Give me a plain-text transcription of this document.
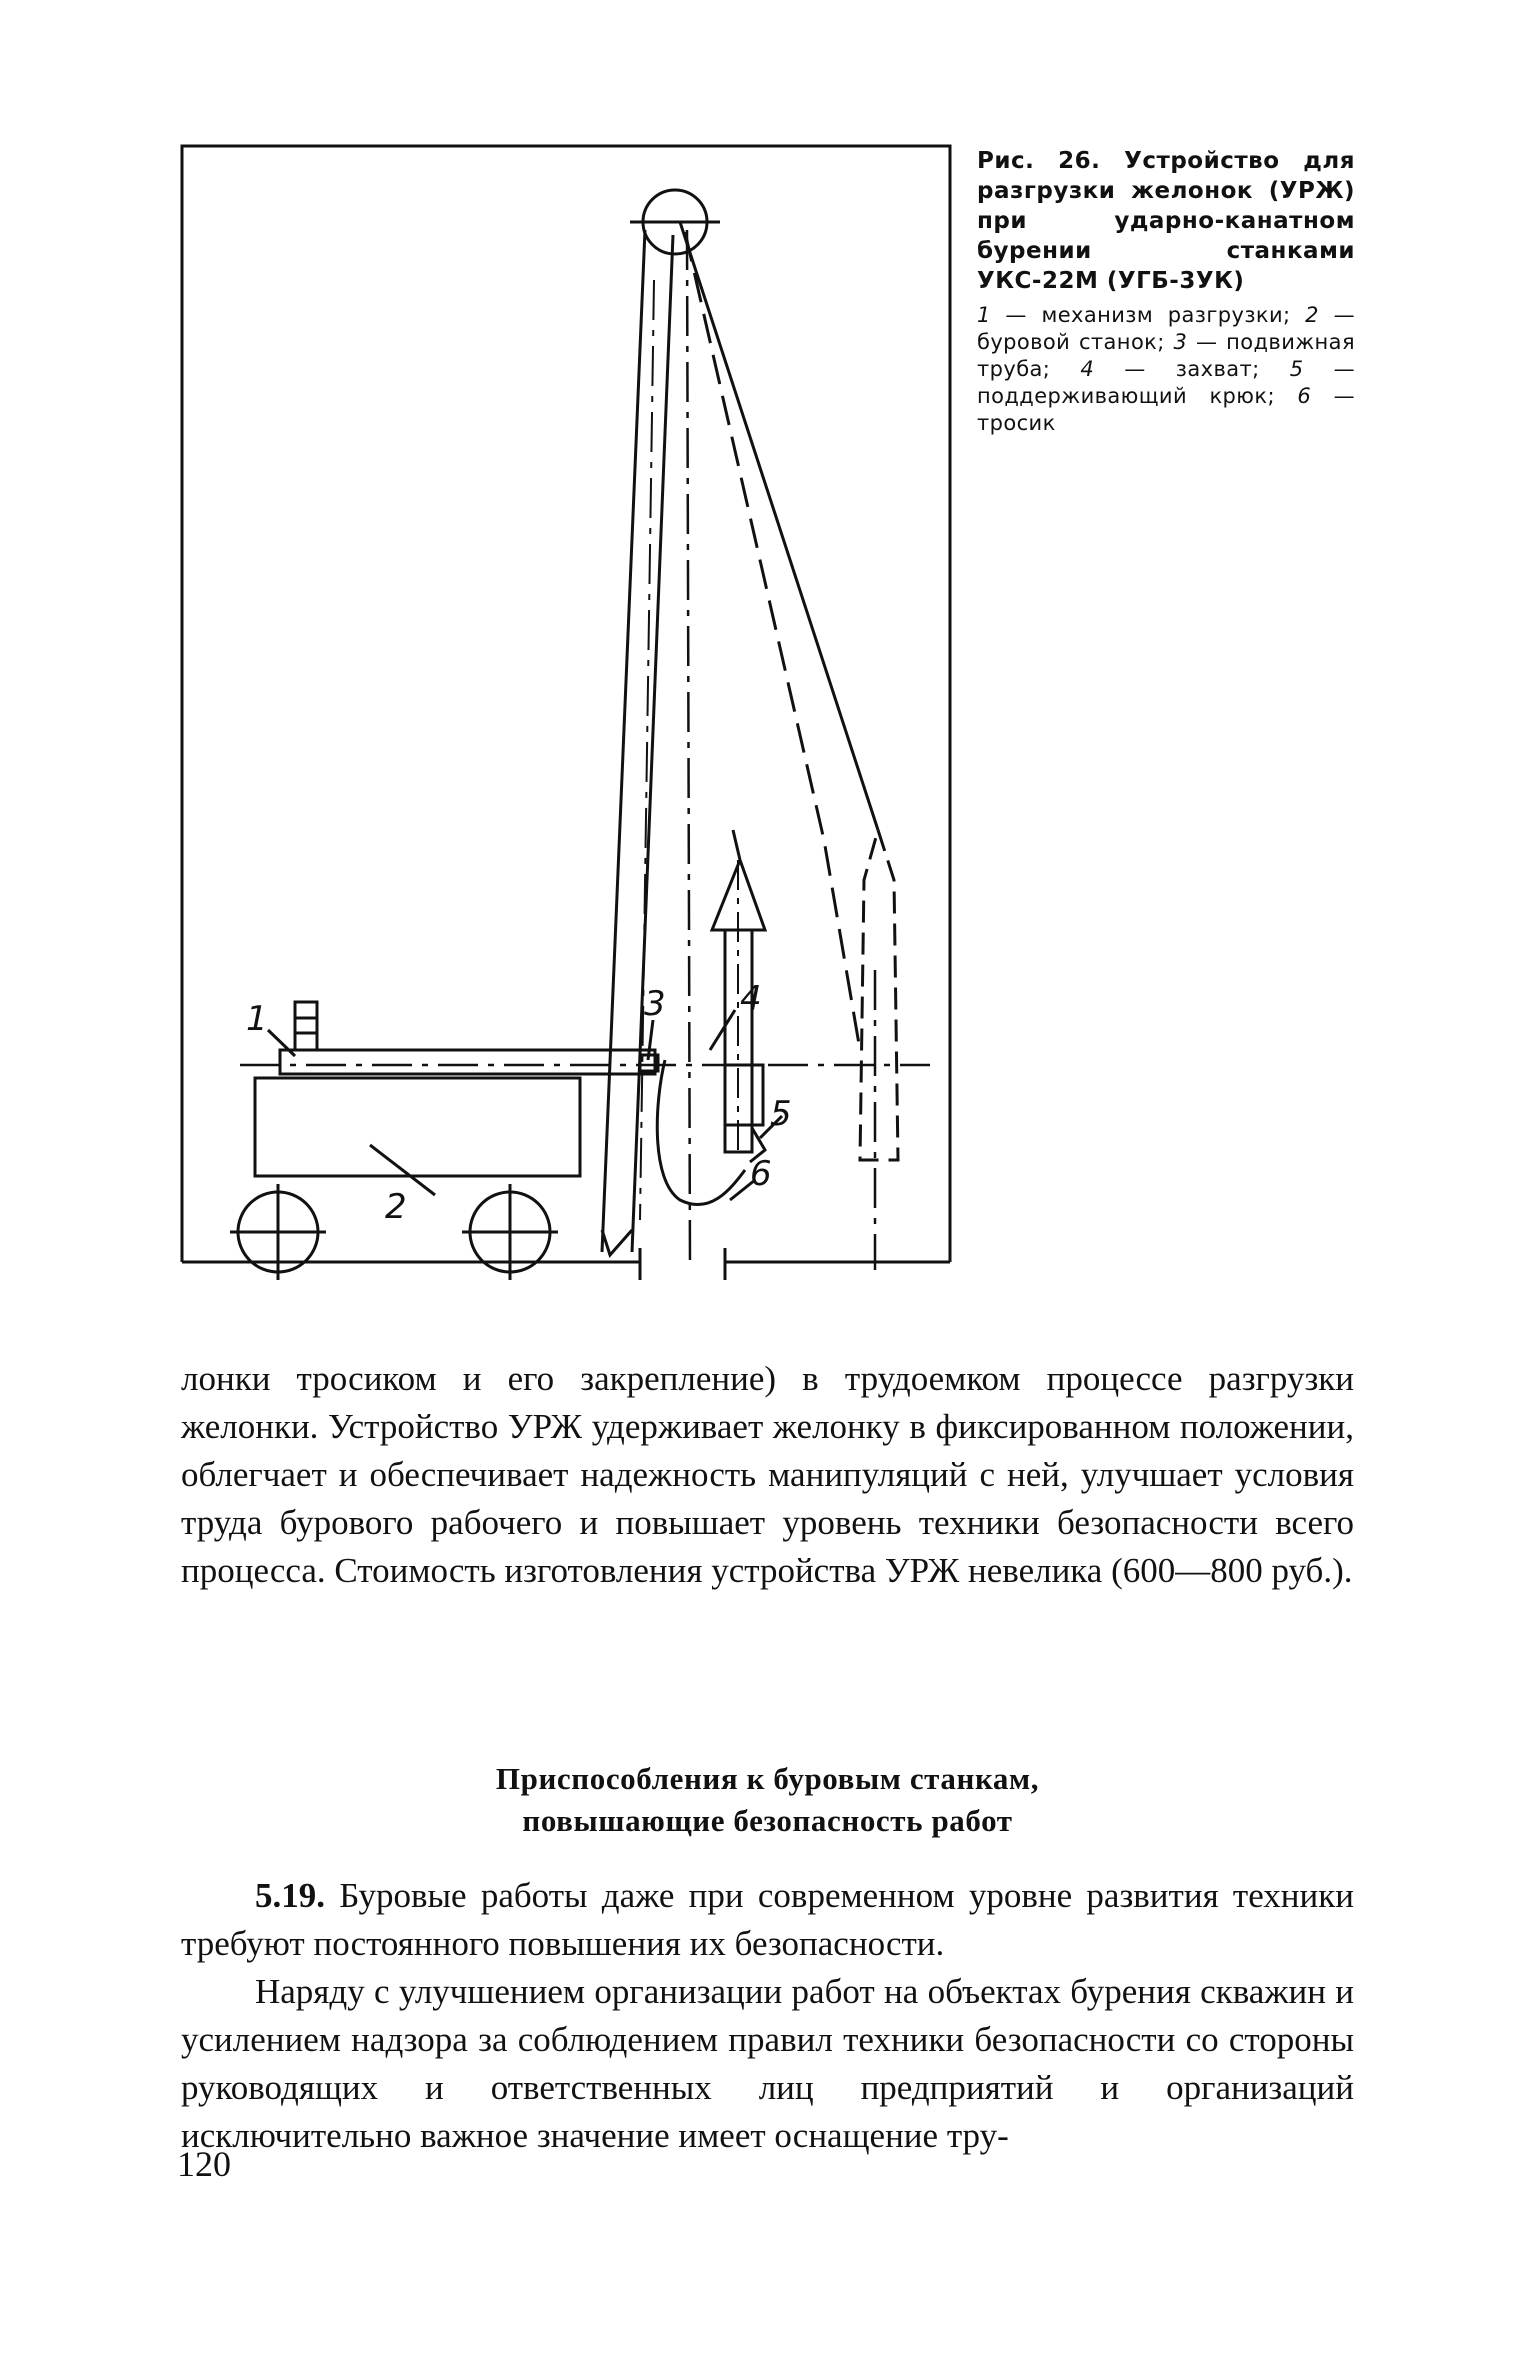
1
2
3 4
5
6
Рис. 26. Устройство для разгрузки желонок (УРЖ) при ударно-канатном бурении станками УКС-22М (УГБ-3УК)
1 — механизм разгрузки; 2 — буровой станок; 3 — подвижная труба; 4 — захват; 5 — поддерживающий крюк; 6 — тросик

лонки тросиком и его закрепление) в трудоемком процессе разгрузки желонки. Устройство УРЖ удерживает желонку в фиксированном положении, облегчает и обеспечивает надежность манипуляций с ней, улучшает условия труда бурового рабочего и повышает уровень техники безопасности всего процесса. Стоимость изготовления устройства УРЖ невелика (600—800 руб.).

Приспособления к буровым станкам,
повышающие безопасность работ

5.19. Буровые работы даже при современном уровне развития техники требуют постоянного повышения их безопасности.

Наряду с улучшением организации работ на объектах бурения скважин и усилением надзора за соблюдением правил техники безопасности со стороны руководящих и ответственных лиц предприятий и организаций исключительно важное значение имеет оснащение тру-

120
